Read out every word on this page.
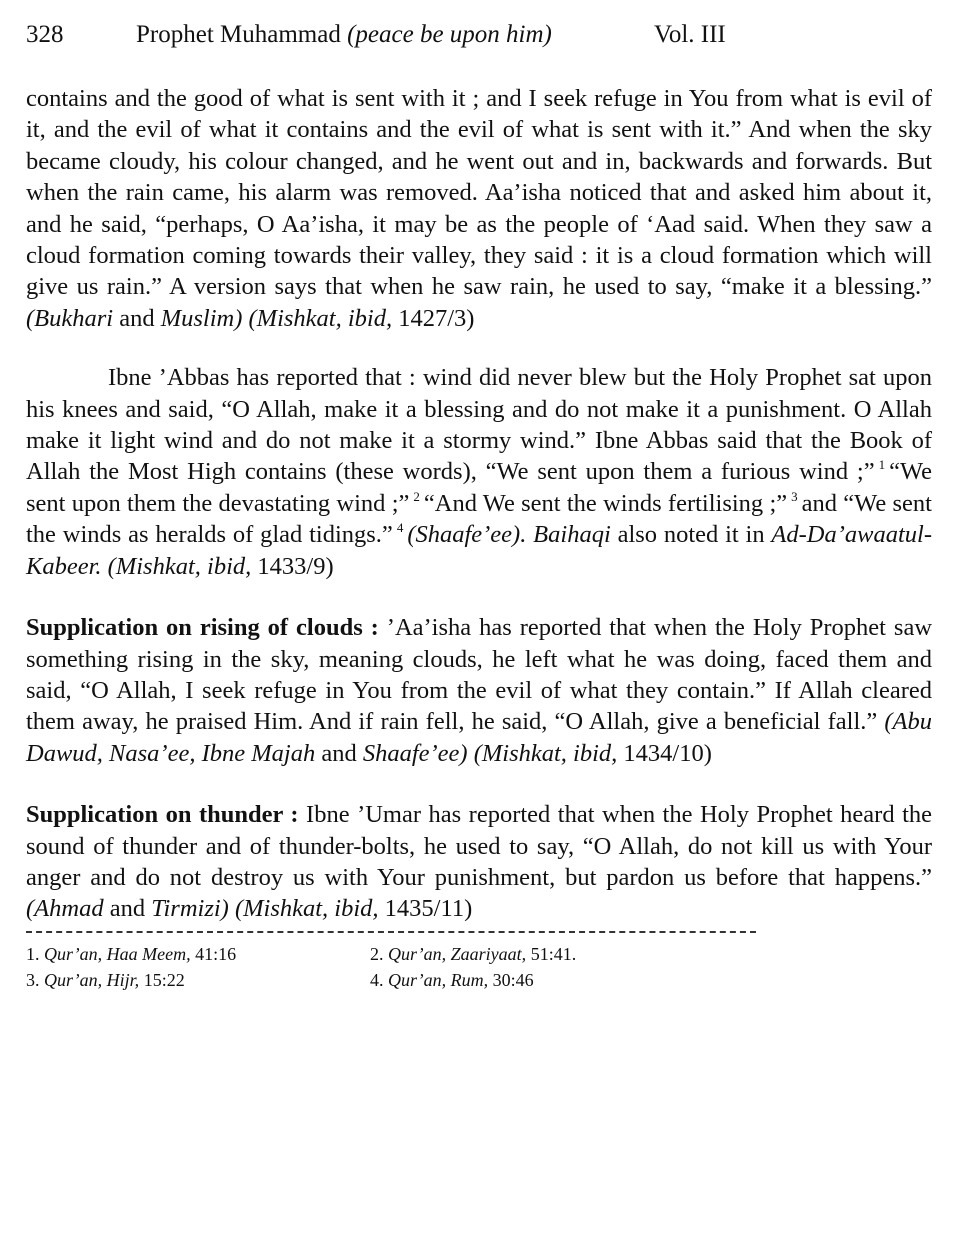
328	Prophet Muhammad (peace be upon him)	Vol. III

contains and the good of what is sent with it ; and I seek refuge in You from what is evil of it, and the evil of what it contains and the evil of what is sent with it.” And when the sky became cloudy, his colour changed, and he went out and in, backwards and forwards. But when the rain came, his alarm was removed. Aa’isha noticed that and asked him about it, and he said, “perhaps, O Aa’isha, it may be as the people of ‘Aad said. When they saw a cloud formation coming towards their valley, they said : it is a cloud formation which will give us rain.” A version says that when he saw rain, he used to say, “make it a blessing.” (Bukhari and Muslim) (Mishkat, ibid, 1427/3)

Ibne ’Abbas has reported that : wind did never blew but the Holy Prophet sat upon his knees and said, “O Allah, make it a blessing and do not make it a punishment. O Allah make it light wind and do not make it a stormy wind.” Ibne Abbas said that the Book of Allah the Most High contains (these words), “We sent upon them a furious wind ;” $^1$ “We sent upon them the devastating wind ;” $^2$ “And We sent the winds fertilising ;” $^3$ and “We sent the winds as heralds of glad tidings.” $^4$ (Shaafe’ee). Baihaqi also noted it in Ad-Da’awaatul-Kabeer. (Mishkat, ibid, 1433/9)

Supplication on rising of clouds : ’Aa’isha has reported that when the Holy Prophet saw something rising in the sky, meaning clouds, he left what he was doing, faced them and said, “O Allah, I seek refuge in You from the evil of what they contain.” If Allah cleared them away, he praised Him. And if rain fell, he said, “O Allah, give a beneficial fall.” (Abu Dawud, Nasa’ee, Ibne Majah and Shaafe’ee) (Mishkat, ibid, 1434/10)

Supplication on thunder : Ibne ’Umar has reported that when the Holy Prophet heard the sound of thunder and of thunder-bolts, he used to say, “O Allah, do not kill us with Your anger and do not destroy us with Your punishment, but pardon us before that happens.” (Ahmad and Tirmizi) (Mishkat, ibid, 1435/11)

1. Qur’an, Haa Meem, 41:16	2. Qur’an, Zaariyaat, 51:41.
3. Qur’an, Hijr, 15:22	4. Qur’an, Rum, 30:46
